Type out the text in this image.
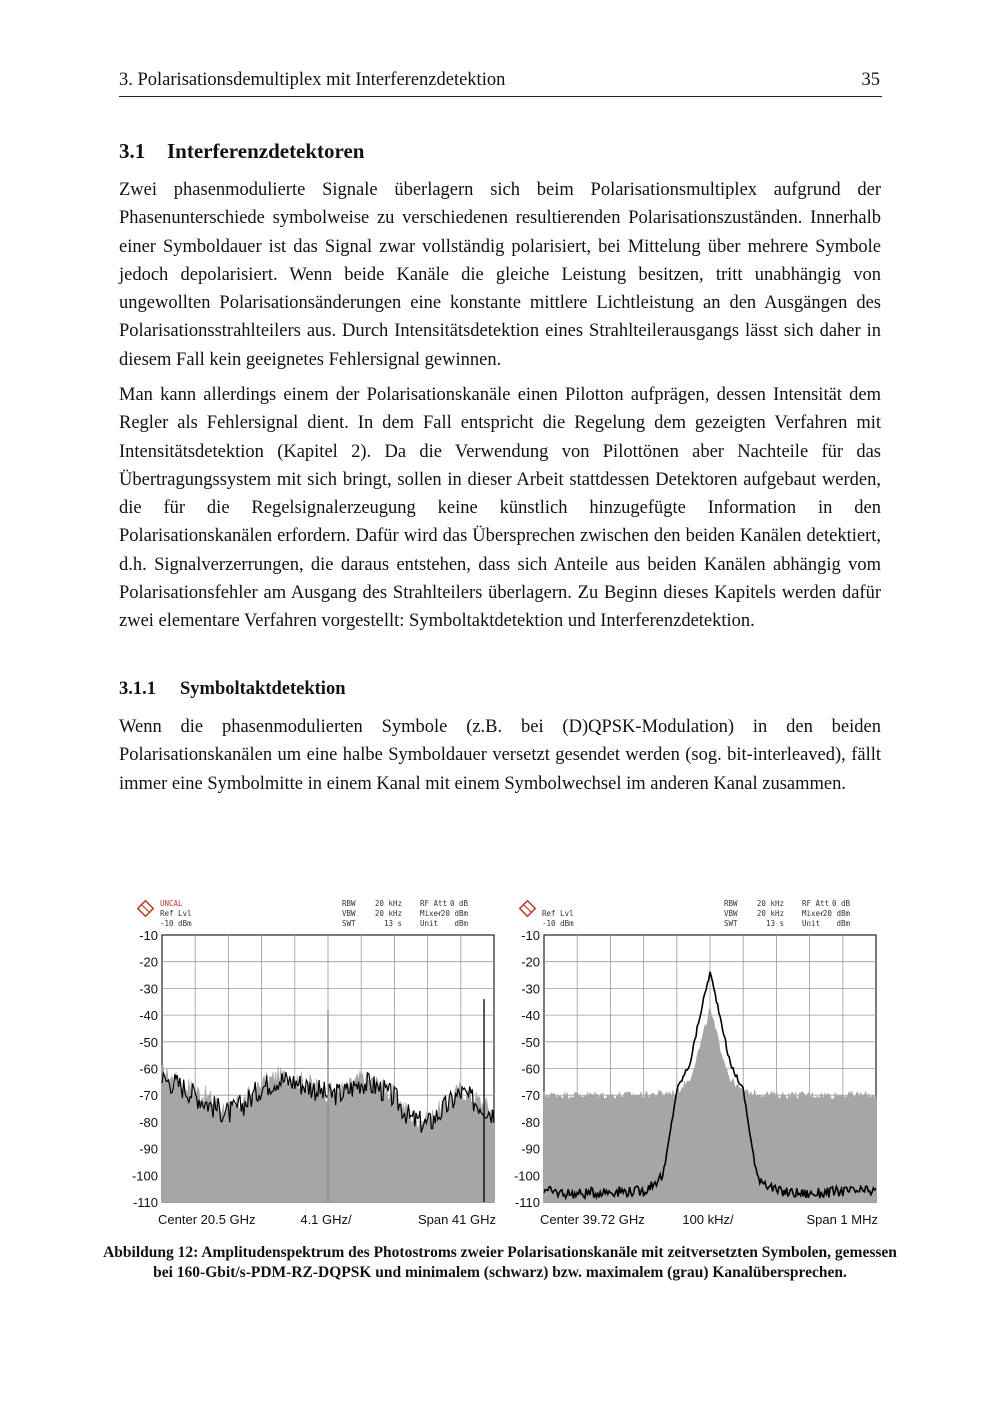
3. Polarisationsdemultiplex mit Interferenzdetektion	35
3.1 Interferenzdetektoren

Zwei phasenmodulierte Signale überlagern sich beim Polarisationsmultiplex aufgrund der Phasenunterschiede symbolweise zu verschiedenen resultierenden Polarisationszuständen. Innerhalb einer Symboldauer ist das Signal zwar vollständig polarisiert, bei Mittelung über mehrere Symbole jedoch depolarisiert. Wenn beide Kanäle die gleiche Leistung besitzen, tritt unabhängig von ungewollten Polarisationsänderungen eine konstante mittlere Lichtleistung an den Ausgängen des Polarisationsstrahlteilers aus. Durch Intensitätsdetektion eines Strahlteilerausgangs lässt sich daher in diesem Fall kein geeignetes Fehlersignal gewinnen.

Man kann allerdings einem der Polarisationskanäle einen Pilotton aufprägen, dessen Intensität dem Regler als Fehlersignal dient. In dem Fall entspricht die Regelung dem gezeigten Verfahren mit Intensitätsdetektion (Kapitel 2). Da die Verwendung von Pilottönen aber Nachteile für das Übertragungssystem mit sich bringt, sollen in dieser Arbeit stattdessen Detektoren aufgebaut werden, die für die Regelsignalerzeugung keine künstlich hinzugefügte Information in den Polarisationskanälen erfordern. Dafür wird das Übersprechen zwischen den beiden Kanälen detektiert, d.h. Signalverzerrungen, die daraus entstehen, dass sich Anteile aus beiden Kanälen abhängig vom Polarisationsfehler am Ausgang des Strahlteilers überlagern. Zu Beginn dieses Kapitels werden dafür zwei elementare Verfahren vorgestellt: Symboltaktdetektion und Interferenzdetektion.

3.1.1 Symboltaktdetektion

Wenn die phasenmodulierten Symbole (z.B. bei (D)QPSK-Modulation) in den beiden Polarisationskanälen um eine halbe Symboldauer versetzt gesendet werden (sog. bit-interleaved), fällt immer eine Symbolmitte in einem Kanal mit einem Symbolwechsel im anderen Kanal zusammen.

UNCAL
Ref Lvl
-10 dBm
RBW
VBW
SWT
20 kHz
20 kHz
13 s
RF Att
Mixer
Unit
0 dB
-20 dBm
dBm
-10
-20
-30
-40
-50
-60
-70
-80
-90
-100
-110
Center 20.5 GHz	4.1 GHz/	Span 41 GHz
Ref Lvl
-10 dBm
RBW
VBW
SWT
20 kHz
20 kHz
13 s
RF Att
Mixer
Unit
0 dB
-20 dBm
dBm
-10
-20
-30
-40
-50
-60
-70
-80
-90
-100
-110
Center 39.72 GHz	100 kHz/	Span 1 MHz
Abbildung 12: Amplitudenspektrum des Photostroms zweier Polarisationskanäle mit zeitversetzten Symbolen, gemessen bei 160-Gbit/s-PDM-RZ-DQPSK und minimalem (schwarz) bzw. maximalem (grau) Kanalübersprechen.
